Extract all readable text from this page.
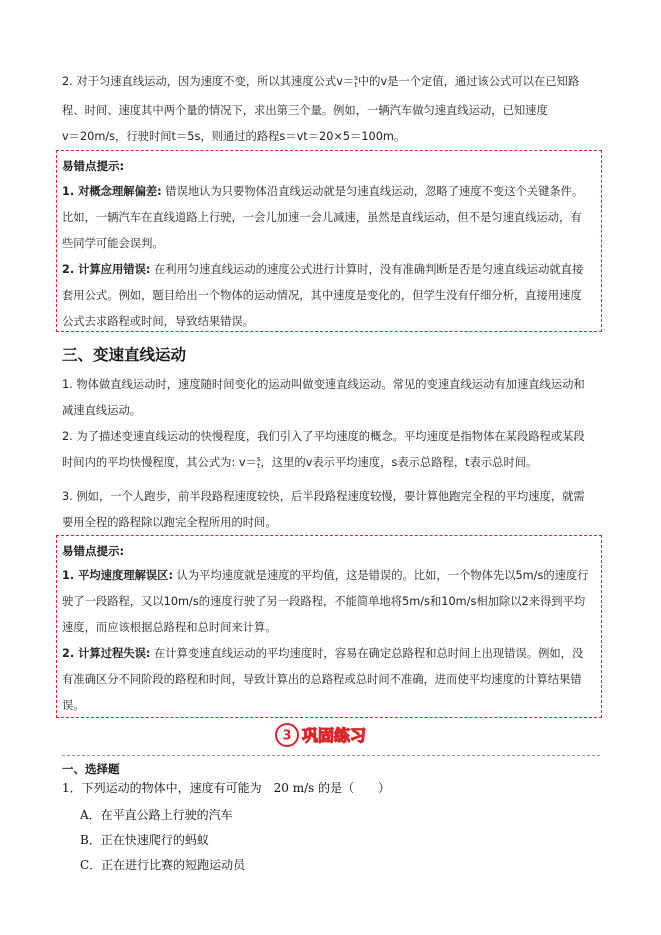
2. 对于匀速直线运动，因为速度不变，所以其速度公式v＝s
t中的v是一个定值，通过该公式可以在已知路
程、时间、速度其中两个量的情况下，求出第三个量。例如，一辆汽车做匀速直线运动，已知速度
v＝20m/s，行驶时间t＝5s，则通过的路程s＝vt＝20×5＝100m。
易错点提示:
1. 对概念理解偏差: 错误地认为只要物体沿直线运动就是匀速直线运动，忽略了速度不变这个关键条件。
比如，一辆汽车在直线道路上行驶，一会儿加速一会儿减速，虽然是直线运动，但不是匀速直线运动，有
些同学可能会误判。
2. 计算应用错误: 在利用匀速直线运动的速度公式进行计算时，没有准确判断是否是匀速直线运动就直接
套用公式。例如，题目给出一个物体的运动情况，其中速度是变化的，但学生没有仔细分析，直接用速度
公式去求路程或时间，导致结果错误。
三、变速直线运动
1. 物体做直线运动时，速度随时间变化的运动叫做变速直线运动。常见的变速直线运动有加速直线运动和
减速直线运动。
2. 为了描述变速直线运动的快慢程度，我们引入了平均速度的概念。平均速度是指物体在某段路程或某段
时间内的平均快慢程度，其公式为: v＝s
t，这里的v表示平均速度，s表示总路程，t表示总时间。
3. 例如，一个人跑步，前半段路程速度较快，后半段路程速度较慢，要计算他跑完全程的平均速度，就需
要用全程的路程除以跑完全程所用的时间。
易错点提示:
1. 平均速度理解误区: 认为平均速度就是速度的平均值，这是错误的。比如，一个物体先以5m/s的速度行
驶了一段路程，又以10m/s的速度行驶了另一段路程，不能简单地将5m/s和10m/s相加除以2来得到平均
速度，而应该根据总路程和总时间来计算。
2. 计算过程失误: 在计算变速直线运动的平均速度时，容易在确定总路程和总时间上出现错误。例如，没
有准确区分不同阶段的路程和时间，导致计算出的总路程或总时间不准确，进而使平均速度的计算结果错
误。
3 巩固练习
一、选择题
1．下列运动的物体中，速度有可能为　20 m/s 的是（　　）
A．在平直公路上行驶的汽车
B．正在快速爬行的蚂蚁
C．正在进行比赛的短跑运动员
